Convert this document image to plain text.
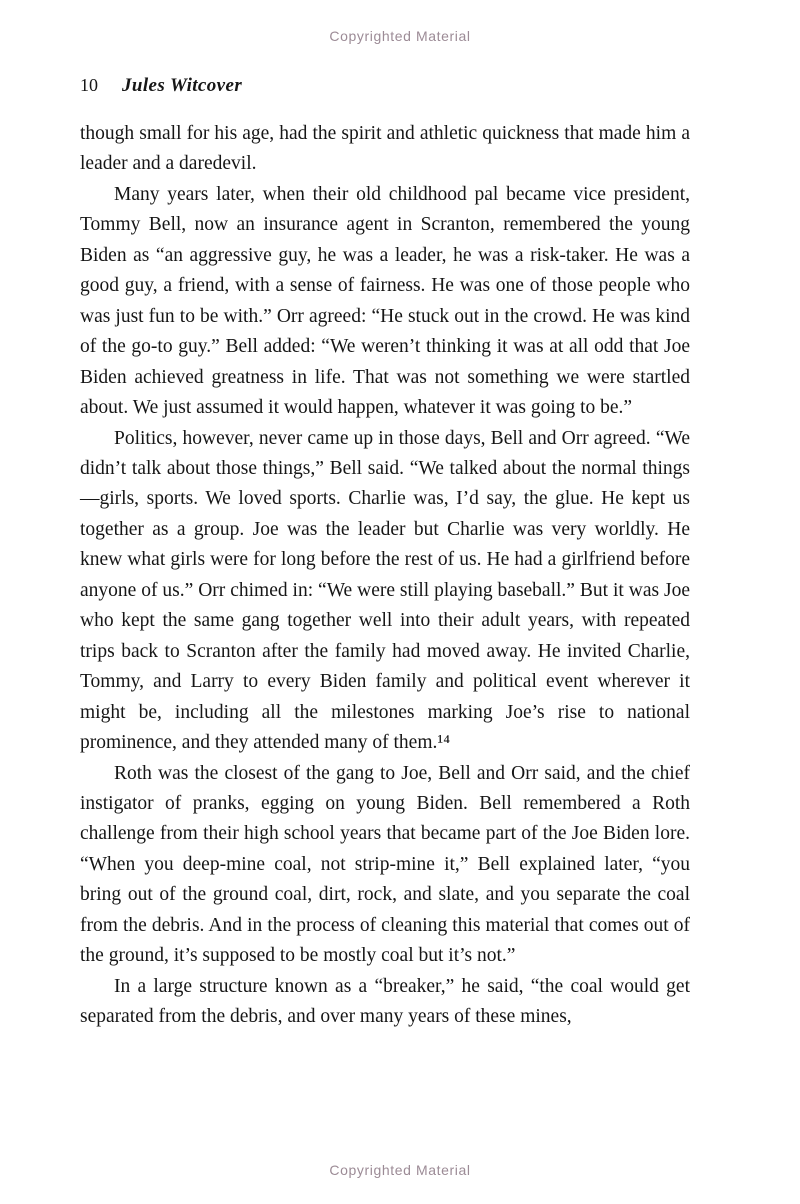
Copyrighted Material
10 Jules Witcover

though small for his age, had the spirit and athletic quickness that made him a leader and a daredevil.

Many years later, when their old childhood pal became vice president, Tommy Bell, now an insurance agent in Scranton, remembered the young Biden as “an aggressive guy, he was a leader, he was a risk-taker. He was a good guy, a friend, with a sense of fairness. He was one of those people who was just fun to be with.” Orr agreed: “He stuck out in the crowd. He was kind of the go-to guy.” Bell added: “We weren’t thinking it was at all odd that Joe Biden achieved greatness in life. That was not something we were startled about. We just assumed it would happen, whatever it was going to be.”

Politics, however, never came up in those days, Bell and Orr agreed. “We didn’t talk about those things,” Bell said. “We talked about the normal things—girls, sports. We loved sports. Charlie was, I’d say, the glue. He kept us together as a group. Joe was the leader but Charlie was very worldly. He knew what girls were for long before the rest of us. He had a girlfriend before anyone of us.” Orr chimed in: “We were still playing baseball.” But it was Joe who kept the same gang together well into their adult years, with repeated trips back to Scranton after the family had moved away. He invited Charlie, Tommy, and Larry to every Biden family and political event wherever it might be, including all the milestones marking Joe’s rise to national prominence, and they attended many of them.¹⁴

Roth was the closest of the gang to Joe, Bell and Orr said, and the chief instigator of pranks, egging on young Biden. Bell remembered a Roth challenge from their high school years that became part of the Joe Biden lore. “When you deep-mine coal, not strip-mine it,” Bell explained later, “you bring out of the ground coal, dirt, rock, and slate, and you separate the coal from the debris. And in the process of cleaning this material that comes out of the ground, it’s supposed to be mostly coal but it’s not.”

In a large structure known as a “breaker,” he said, “the coal would get separated from the debris, and over many years of these mines,

Copyrighted Material
